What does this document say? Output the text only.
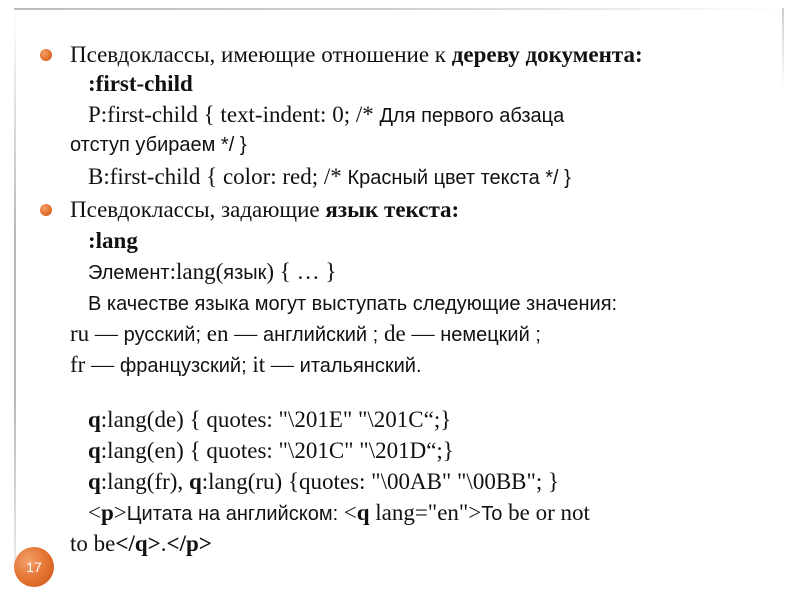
Псевдоклассы, имеющие отношение к дереву документа:
:first-child
P:first-child { text-indent: 0; /* Для первого абзаца
отступ убираем */ }
B:first-child { color: red; /* Красный цвет текста */ }
Псевдоклассы, задающие язык текста:
:lang
Элемент:lang(язык) { … }
В качестве языка могут выступать следующие значения:
ru — русский; en — английский ; de — немецкий ;
fr — французский; it — итальянский.
q:lang(de) { quotes: "\201E" "\201C“;}
q:lang(en) { quotes: "\201C" "\201D“;}
q:lang(fr), q:lang(ru) {quotes: "\00AB" "\00BB"; }
<p>Цитата на английском: <q lang="en">To be or not
to be</q>.</p>
17
